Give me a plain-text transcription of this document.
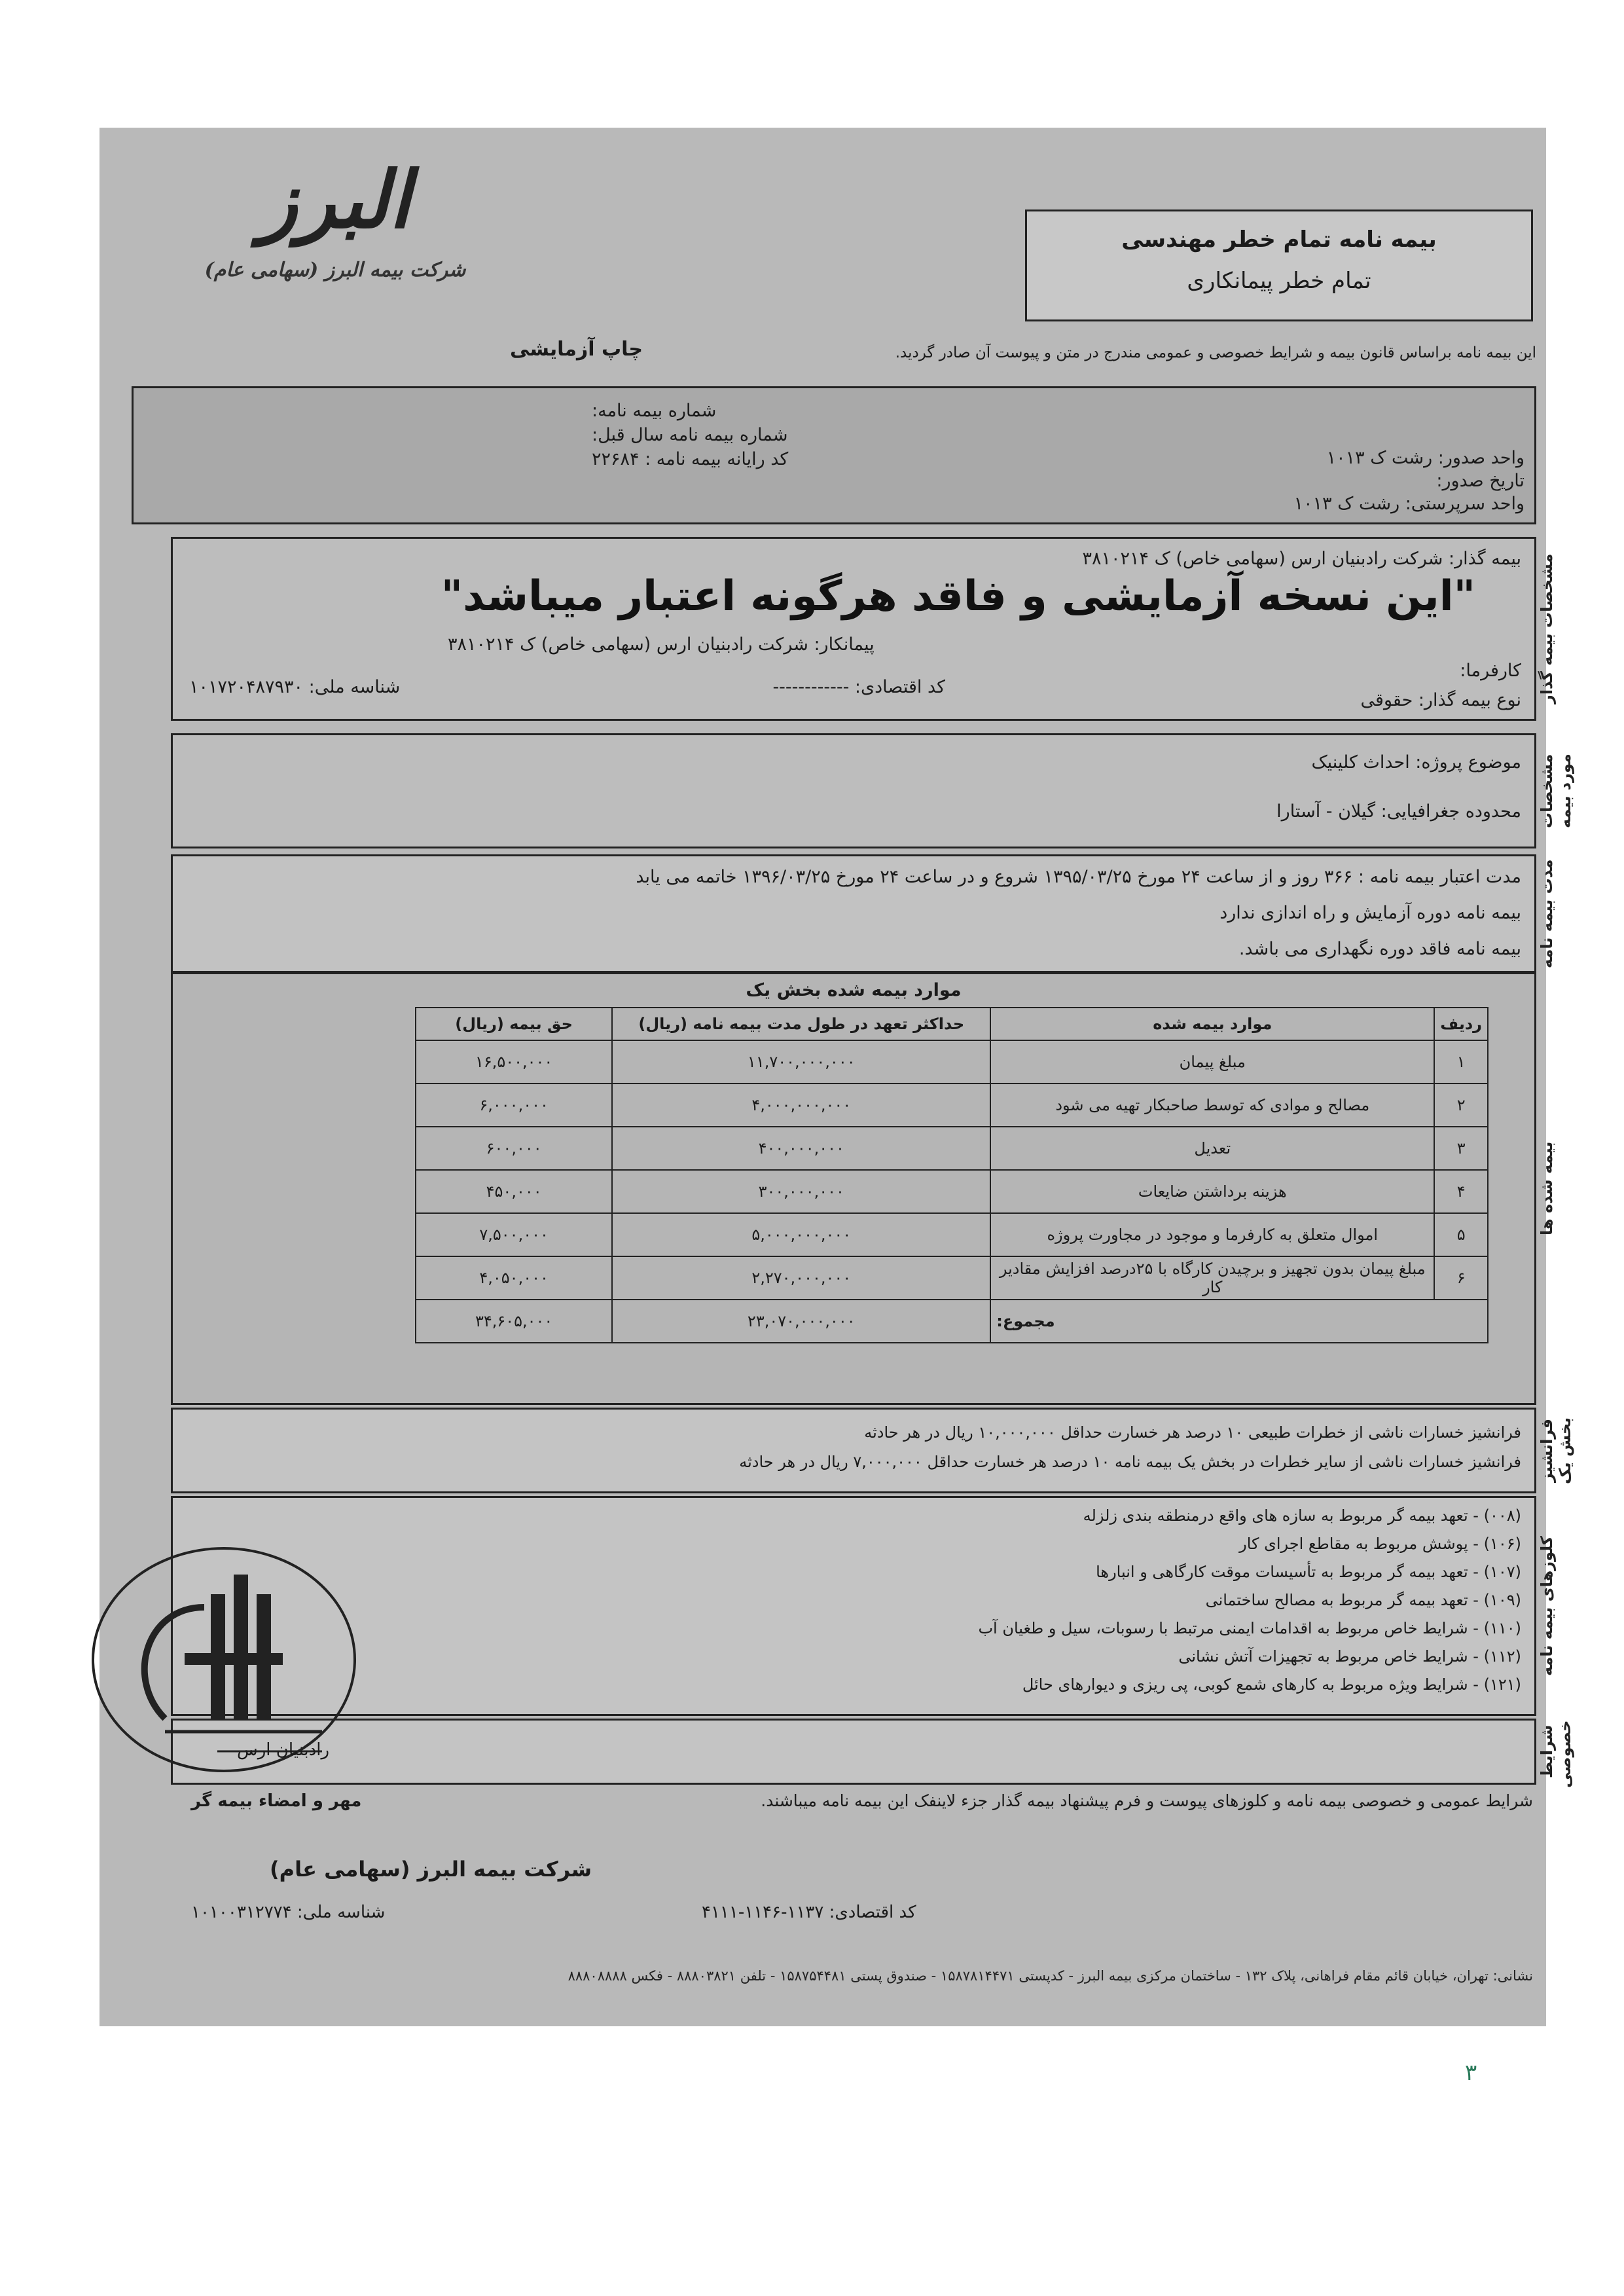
البرز
شرکت بیمه البرز (سهامی عام)
چاپ آزمایشی
بیمه نامه تمام خطر مهندسی
تمام خطر پیمانکاری
این بیمه نامه براساس قانون بیمه و شرایط خصوصی و عمومی مندرج در متن و پیوست آن صادر گردید.
شماره بیمه نامه:
شماره بیمه نامه سال قبل:
کد رایانه بیمه نامه : ۲۲۶۸۴	واحد صدور: رشت ک ۱۰۱۳
تاریخ صدور:
واحد سرپرستی: رشت ک ۱۰۱۳
مشخصات بیمه گذار
بیمه گذار: شرکت رادبنیان ارس (سهامی خاص) ک ۳۸۱۰۲۱۴
"این نسخه آزمایشی و فاقد هرگونه اعتبار میباشد"
پیمانکار: شرکت رادبنیان ارس (سهامی خاص) ک ۳۸۱۰۲۱۴
کارفرما:
نوع بیمه گذار: حقوقی
کد اقتصادی: ------------
شناسه ملی: ۱۰۱۷۲۰۴۸۷۹۳۰
مشخصات مورد بیمه
موضوع پروژه: احداث کلینیک
محدوده جغرافیایی: گیلان - آستارا
مدت بیمه نامه
مدت اعتبار بیمه نامه : ۳۶۶ روز و از ساعت ۲۴ مورخ ۱۳۹۵/۰۳/۲۵ شروع و در ساعت ۲۴ مورخ ۱۳۹۶/۰۳/۲۵ خاتمه می یابد
بیمه نامه دوره آزمایش و راه اندازی ندارد
بیمه نامه فاقد دوره نگهداری می باشد.
بیمه شده ها
موارد بیمه شده بخش یک
ردیف	موارد بیمه شده	حداکثر تعهد در طول مدت بیمه نامه (ریال)	حق بیمه (ریال)
۱	مبلغ پیمان	۱۱,۷۰۰,۰۰۰,۰۰۰	۱۶,۵۰۰,۰۰۰
۲	مصالح و موادی که توسط صاحبکار تهیه می شود	۴,۰۰۰,۰۰۰,۰۰۰	۶,۰۰۰,۰۰۰
۳	تعدیل	۴۰۰,۰۰۰,۰۰۰	۶۰۰,۰۰۰
۴	هزینه برداشتن ضایعات	۳۰۰,۰۰۰,۰۰۰	۴۵۰,۰۰۰
۵	اموال متعلق به کارفرما و موجود در مجاورت پروژه	۵,۰۰۰,۰۰۰,۰۰۰	۷,۵۰۰,۰۰۰
۶	مبلغ پیمان بدون تجهیز و برچیدن کارگاه با ۲۵درصد افزایش مقادیر کار	۲,۲۷۰,۰۰۰,۰۰۰	۴,۰۵۰,۰۰۰
مجموع:		۲۳,۰۷۰,۰۰۰,۰۰۰	۳۴,۶۰۵,۰۰۰
فرانشیز بخش یک
فرانشیز خسارات ناشی از خطرات طبیعی ۱۰ درصد هر خسارت حداقل ۱۰,۰۰۰,۰۰۰ ریال در هر حادثه
فرانشیز خسارات ناشی از سایر خطرات در بخش یک بیمه نامه ۱۰ درصد هر خسارت حداقل ۷,۰۰۰,۰۰۰ ریال در هر حادثه
کلوزهای بیمه نامه
(۰۰۸) - تعهد بیمه گر مربوط به سازه های واقع درمنطقه بندی زلزله
(۱۰۶) - پوشش مربوط به مقاطع اجرای کار
(۱۰۷) - تعهد بیمه گر مربوط به تأسیسات موقت کارگاهی و انبارها
(۱۰۹) - تعهد بیمه گر مربوط به مصالح ساختمانی
(۱۱۰) - شرایط خاص مربوط به اقدامات ایمنی مرتبط با رسوبات، سیل و طغیان آب
(۱۱۲) - شرایط خاص مربوط به تجهیزات آتش نشانی
(۱۲۱) - شرایط ویژه مربوط به کارهای شمع کوبی، پی ریزی و دیوارهای حائل
شرایط خصوصی
شرایط عمومی و خصوصی بیمه نامه و کلوزهای پیوست و فرم پیشنهاد بیمه گذار جزء لاینفک این بیمه نامه میباشند.
مهر و امضاء بیمه گر
شرکت بیمه البرز (سهامی عام)
کد اقتصادی: ۱۱۳۷-۱۱۴۶-۴۱۱۱
شناسه ملی: ۱۰۱۰۰۳۱۲۷۷۴
نشانی: تهران، خیابان قائم مقام فراهانی، پلاک ۱۳۲ - ساختمان مرکزی بیمه البرز - کدپستی ۱۵۸۷۸۱۴۴۷۱ - صندوق پستی ۱۵۸۷۵۴۴۸۱ - تلفن ۸۸۸۰۳۸۲۱ - فکس ۸۸۸۰۸۸۸۸
رادبنیان ارس
۳
